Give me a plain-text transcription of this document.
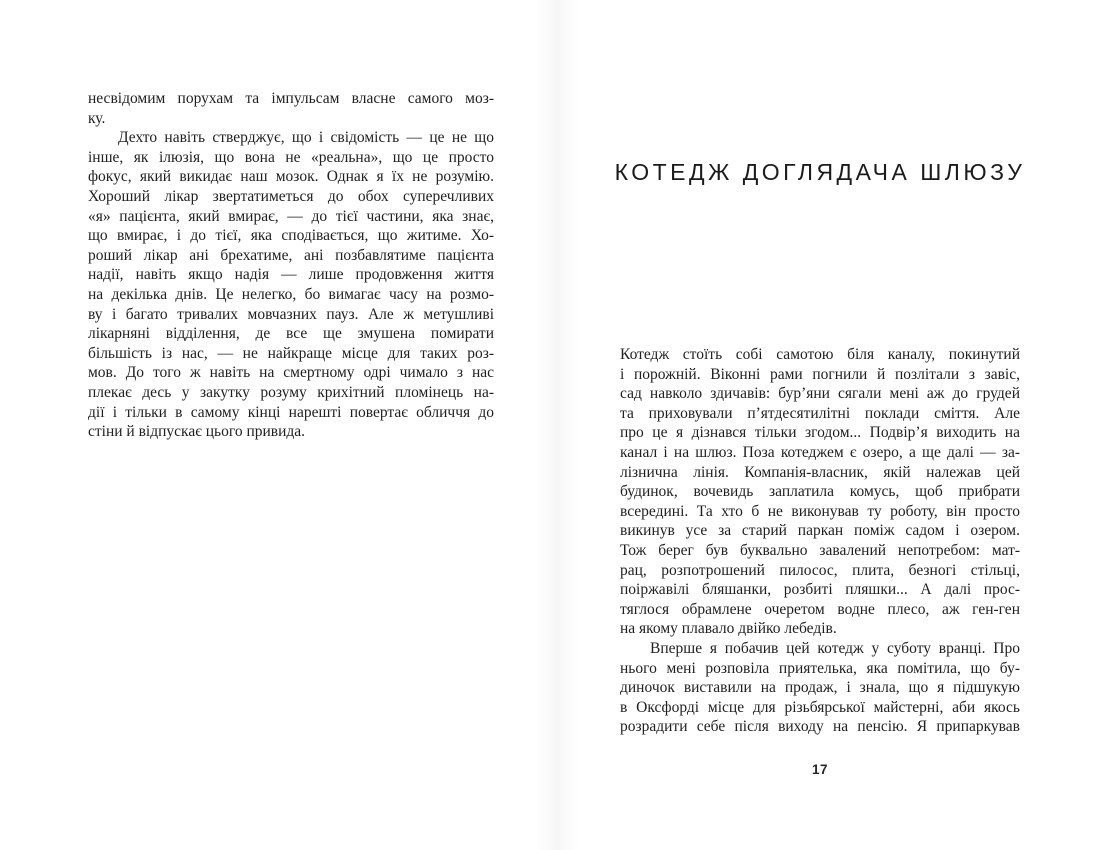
несвідомим порухам та імпульсам власне самого моз-
ку.
Дехто навіть стверджує, що і свідомість — це не що
інше, як ілюзія, що вона не «реальна», що це просто
фокус, який викидає наш мозок. Однак я їх не розумію.
Хороший лікар звертатиметься до обох суперечливих
«я» пацієнта, який вмирає, — до тієї частини, яка знає,
що вмирає, і до тієї, яка сподівається, що житиме. Хо-
роший лікар ані брехатиме, ані позбавлятиме пацієнта
надії, навіть якщо надія — лише продовження життя
на декілька днів. Це нелегко, бо вимагає часу на розмо-
ву і багато тривалих мовчазних пауз. Але ж метушливі
лікарняні відділення, де все ще змушена помирати
більшість із нас, — не найкраще місце для таких роз-
мов. До того ж навіть на смертному одрі чимало з нас
плекає десь у закутку розуму крихітний пломінець на-
дії і тільки в самому кінці нарешті повертає обличчя до
стіни й відпускає цього привида.
КОТЕДЖ ДОГЛЯДАЧА ШЛЮЗУ
Котедж стоїть собі самотою біля каналу, покинутий
і порожній. Віконні рами погнили й позлітали з завіс,
сад навколо здичавів: бур’яни сягали мені аж до грудей
та приховували п’ятдесятилітні поклади сміття. Але
про це я дізнався тільки згодом... Подвір’я виходить на
канал і на шлюз. Поза котеджем є озеро, а ще далі — за-
лізнична лінія. Компанія-власник, якій належав цей
будинок, вочевидь заплатила комусь, щоб прибрати
всередині. Та хто б не виконував ту роботу, він просто
викинув усе за старий паркан поміж садом і озером.
Тож берег був буквально завалений непотребом: мат-
рац, розпотрошений пилосос, плита, безногі стільці,
поіржавілі бляшанки, розбиті пляшки... А далі прос-
тяглося обрамлене очеретом водне плесо, аж ген-ген
на якому плавало двійко лебедів.
Вперше я побачив цей котедж у суботу вранці. Про
нього мені розповіла приятелька, яка помітила, що бу-
диночок виставили на продаж, і знала, що я підшукую
в Оксфорді місце для різьбярської майстерні, аби якось
розрадити себе після виходу на пенсію. Я припаркував
17
